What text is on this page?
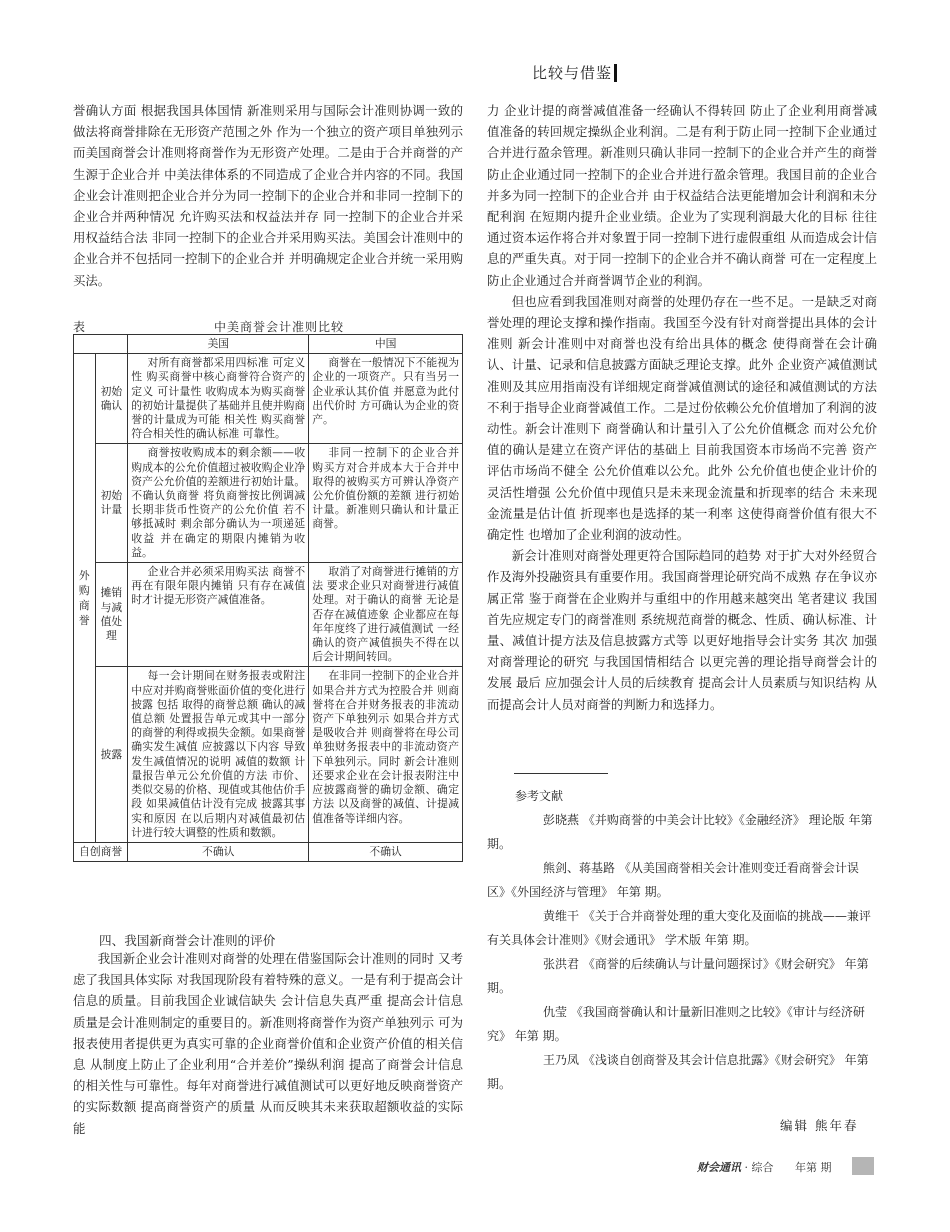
比较与借鉴

誉确认方面 根据我国具体国情 新准则采用与国际会计准则协调一致的做法将商誉排除在无形资产范围之外 作为一个独立的资产项目单独列示 而美国商誉会计准则将商誉作为无形资产处理。二是由于合并商誉的产生源于企业合并 中美法律体系的不同造成了企业合并内容的不同。我国企业会计准则把企业合并分为同一控制下的企业合并和非同一控制下的企业合并两种情况 允许购买法和权益法并存 同一控制下的企业合并采用权益结合法 非同一控制下的企业合并采用购买法。美国会计准则中的企业合并不包括同一控制下的企业合并 并明确规定企业合并统一采用购买法。

表	中美商誉会计准则比较
		美国	中国

外
购
商
誉	初始确认	对所有商誉都采用四标准 可定义性 购买商誉中核心商誉符合资产的定义 可计量性 收购成本为购买商誉的初始计量提供了基础并且使并购商誉的计量成为可能 相关性 购买商誉符合相关性的确认标准 可靠性。	商誉在一般情况下不能视为企业的一项资产。只有当另一企业承认其价值 并愿意为此付出代价时 方可确认为企业的资产。
	初始计量	商誉按收购成本的剩余额——收购成本的公允价值超过被收购企业净资产公允价值的差额进行初始计量。不确认负商誉 将负商誉按比例调减长期非货币性资产的公允价值 若不够抵减时 剩余部分确认为一项递延收益 并在确定的期限内摊销为收益。	非同一控制下的企业合并 购买方对合并成本大于合并中取得的被购买方可辨认净资产公允价值份额的差额 进行初始计量。新准则只确认和计量正商誉。
	摊销与减值处理	企业合并必须采用购买法 商誉不再在有限年限内摊销 只有存在减值时才计提无形资产减值准备。	取消了对商誉进行摊销的方法 要求企业只对商誉进行减值处理。对于确认的商誉 无论是否存在减值迹象 企业都应在每年年度终了进行减值测试 一经确认的资产减值损失不得在以后会计期间转回。
	披露	每一会计期间在财务报表或附注中应对并购商誉账面价值的变化进行披露 包括 取得的商誉总额 确认的减值总额 处置报告单元或其中一部分的商誉的利得或损失金额。如果商誉确实发生减值 应披露以下内容 导致发生减值情况的说明 减值的数额 计量报告单元公允价值的方法 市价、类似交易的价格、现值或其他估价手段 如果减值估计没有完成 披露其事实和原因 在以后期内对减值最初估计进行较大调整的性质和数额。	在非同一控制下的企业合并 如果合并方式为控股合并 则商誉将在合并财务报表的非流动资产下单独列示 如果合并方式是吸收合并 则商誉将在母公司单独财务报表中的非流动资产下单独列示。同时 新会计准则还要求企业在会计报表附注中应披露商誉的确切金额、确定方法 以及商誉的减值、计提减值准备等详细内容。
自创商誉		不确认	不确认
四、我国新商誉会计准则的评价

我国新企业会计准则对商誉的处理在借鉴国际会计准则的同时 又考虑了我国具体实际 对我国现阶段有着特殊的意义。一是有利于提高会计信息的质量。目前我国企业诚信缺失 会计信息失真严重 提高会计信息质量是会计准则制定的重要目的。新准则将商誉作为资产单独列示 可为报表使用者提供更为真实可靠的企业商誉价值和企业资产价值的相关信息 从制度上防止了企业利用“合并差价”操纵利润 提高了商誉会计信息的相关性与可靠性。每年对商誉进行减值测试可以更好地反映商誉资产的实际数额 提高商誉资产的质量 从而反映其未来获取超额收益的实际能

力 企业计提的商誉减值准备一经确认不得转回 防止了企业利用商誉减值准备的转回规定操纵企业利润。二是有利于防止同一控制下企业通过合并进行盈余管理。新准则只确认非同一控制下的企业合并产生的商誉 防止企业通过同一控制下的企业合并进行盈余管理。我国目前的企业合并多为同一控制下的企业合并 由于权益结合法更能增加会计利润和未分配利润 在短期内提升企业业绩。企业为了实现利润最大化的目标 往往通过资本运作将合并对象置于同一控制下进行虚假重组 从而造成会计信息的严重失真。对于同一控制下的企业合并不确认商誉 可在一定程度上防止企业通过合并商誉调节企业的利润。

但也应看到我国准则对商誉的处理仍存在一些不足。一是缺乏对商誉处理的理论支撑和操作指南。我国至今没有针对商誉提出具体的会计准则 新会计准则中对商誉也没有给出具体的概念 使得商誉在会计确认、计量、记录和信息披露方面缺乏理论支撑。此外 企业资产减值测试准则及其应用指南没有详细规定商誉减值测试的途径和减值测试的方法 不利于指导企业商誉减值工作。二是过份依赖公允价值增加了利润的波动性。新会计准则下 商誉确认和计量引入了公允价值概念 而对公允价值的确认是建立在资产评估的基础上 目前我国资本市场尚不完善 资产评估市场尚不健全 公允价值难以公允。此外 公允价值也使企业计价的灵活性增强 公允价值中现值只是未来现金流量和折现率的结合 未来现金流量是估计值 折现率也是选择的某一利率 这使得商誉价值有很大不确定性 也增加了企业利润的波动性。

新会计准则对商誉处理更符合国际趋同的趋势 对于扩大对外经贸合作及海外投融资具有重要作用。我国商誉理论研究尚不成熟 存在争议亦属正常 鉴于商誉在企业购并与重组中的作用越来越突出 笔者建议 我国首先应规定专门的商誉准则 系统规范商誉的概念、性质、确认标准、计量、减值计提方法及信息披露方式等 以更好地指导会计实务 其次 加强对商誉理论的研究 与我国国情相结合 以更完善的理论指导商誉会计的发展 最后 应加强会计人员的后续教育 提高会计人员素质与知识结构 从而提高会计人员对商誉的判断力和选择力。

参考文献
彭晓燕 《并购商誉的中美会计比较》《金融经济》 理论版 年第 期。
熊剑、蒋基路 《从美国商誉相关会计准则变迁看商誉会计误区》《外国经济与管理》 年第 期。
黄维干 《关于合并商誉处理的重大变化及面临的挑战——兼评有关具体会计准则》《财会通讯》 学术版 年第 期。
张洪君 《商誉的后续确认与计量问题探讨》《财会研究》 年第 期。
仇莹 《我国商誉确认和计量新旧准则之比较》《审计与经济研究》 年第 期。
王乃凤 《浅谈自创商誉及其会计信息批露》《财会研究》 年第 期。
编辑 熊年春
财会通讯 · 综合 年第 期
